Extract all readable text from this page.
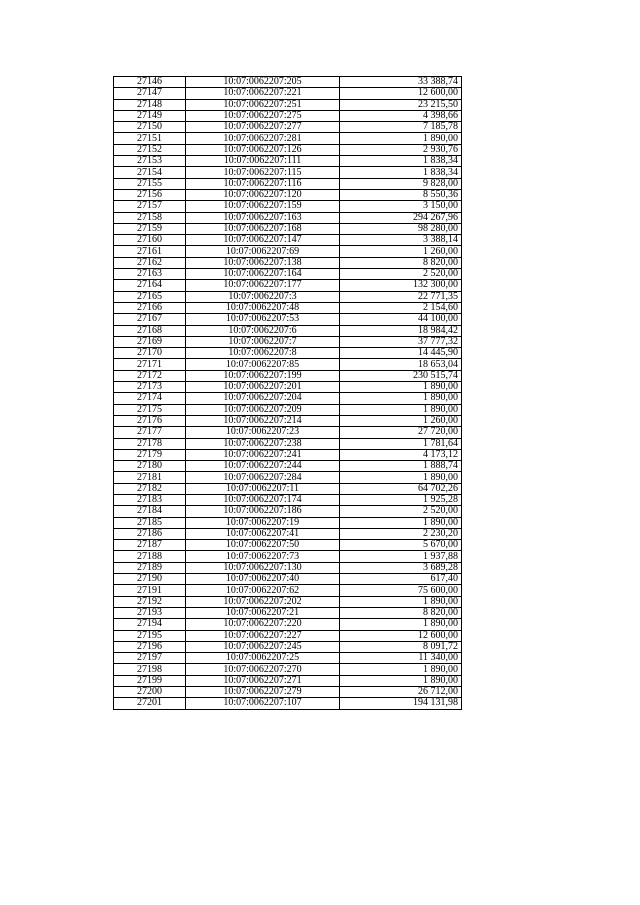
27146	10:07:0062207:205	33 388,74
27147	10:07:0062207:221	12 600,00
27148	10:07:0062207:251	23 215,50
27149	10:07:0062207:275	4 398,66
27150	10:07:0062207:277	7 185,78
27151	10:07:0062207:281	1 890,00
27152	10:07:0062207:126	2 930,76
27153	10:07:0062207:111	1 838,34
27154	10:07:0062207:115	1 838,34
27155	10:07:0062207:116	9 828,00
27156	10:07:0062207:120	8 550,36
27157	10:07:0062207:159	3 150,00
27158	10:07:0062207:163	294 267,96
27159	10:07:0062207:168	98 280,00
27160	10:07:0062207:147	3 388,14
27161	10:07:0062207:69	1 260,00
27162	10:07:0062207:138	8 820,00
27163	10:07:0062207:164	2 520,00
27164	10:07:0062207:177	132 300,00
27165	10:07:0062207:3	22 771,35
27166	10:07:0062207:48	2 154,60
27167	10:07:0062207:53	44 100,00
27168	10:07:0062207:6	18 984,42
27169	10:07:0062207:7	37 777,32
27170	10:07:0062207:8	14 445,90
27171	10:07:0062207:85	18 653,04
27172	10:07:0062207:199	230 515,74
27173	10:07:0062207:201	1 890,00
27174	10:07:0062207:204	1 890,00
27175	10:07:0062207:209	1 890,00
27176	10:07:0062207:214	1 260,00
27177	10:07:0062207:23	27 720,00
27178	10:07:0062207:238	1 781,64
27179	10:07:0062207:241	4 173,12
27180	10:07:0062207:244	1 888,74
27181	10:07:0062207:284	1 890,00
27182	10:07:0062207:11	64 702,26
27183	10:07:0062207:174	1 925,28
27184	10:07:0062207:186	2 520,00
27185	10:07:0062207:19	1 890,00
27186	10:07:0062207:41	2 230,20
27187	10:07:0062207:50	5 670,00
27188	10:07:0062207:73	1 937,88
27189	10:07:0062207:130	3 689,28
27190	10:07:0062207:40	617,40
27191	10:07:0062207:62	75 600,00
27192	10:07:0062207:202	1 890,00
27193	10:07:0062207:21	8 820,00
27194	10:07:0062207:220	1 890,00
27195	10:07:0062207:227	12 600,00
27196	10:07:0062207:245	8 091,72
27197	10:07:0062207:25	11 340,00
27198	10:07:0062207:270	1 890,00
27199	10:07:0062207:271	1 890,00
27200	10:07:0062207:279	26 712,00
27201	10:07:0062207:107	194 131,98
